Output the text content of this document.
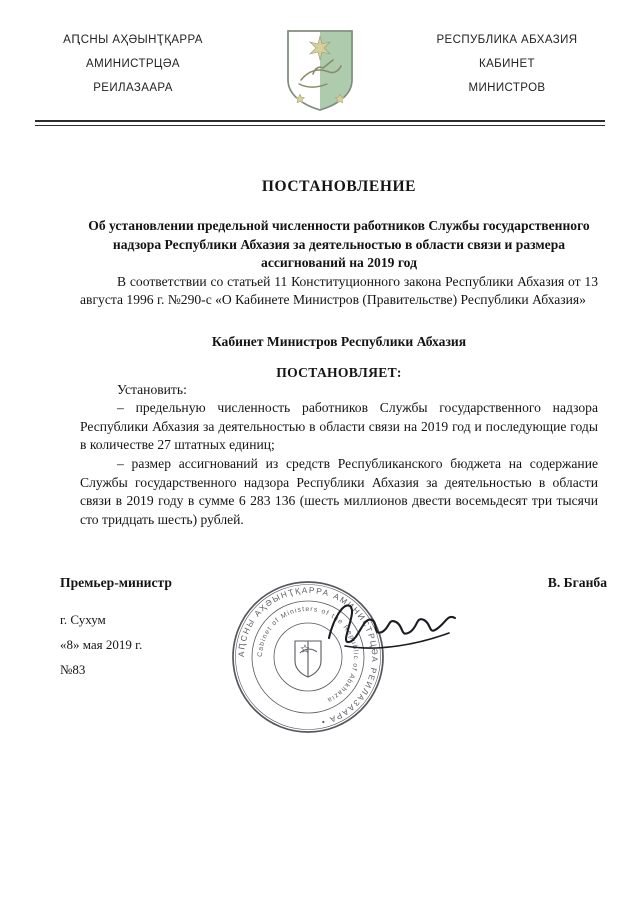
АԤСНЫ АҲӘЫНҬҚАРРА
АМИНИСТРЦӘА
РЕИЛАЗААРА
РЕСПУБЛИКА АБХАЗИЯ
КАБИНЕТ
МИНИСТРОВ
ПОСТАНОВЛЕНИЕ
Об установлении предельной численности работников Службы государственного надзора Республики Абхазия за деятельностью в области связи и размера ассигнований на 2019 год

В соответствии со статьей 11 Конституционного закона Республики Абхазия от 13 августа 1996 г. №290-с «О Кабинете Министров (Правительстве) Республики Абхазия»

Кабинет Министров Республики Абхазия

ПОСТАНОВЛЯЕТ:

Установить:

– предельную численность работников Службы государственного надзора Республики Абхазия за деятельностью в области связи на 2019 год и последующие годы в количестве 27 штатных единиц;

– размер ассигнований из средств Республиканского бюджета на содержание Службы государственного надзора Республики Абхазия за деятельностью в области связи в 2019 году в сумме 6 283 136 (шесть миллионов двести восемьдесят три тысячи сто тридцать шесть) рублей.

Премьер-министр	В. Бганба
г. Сухум
«8» мая 2019 г.
№83
АԤСНЫ АҲӘЫНҬҚАРРА АМИНИСТРЦӘА РЕИЛАЗААРА •
Cabinet of Ministers of the Republic of Abkhazia
